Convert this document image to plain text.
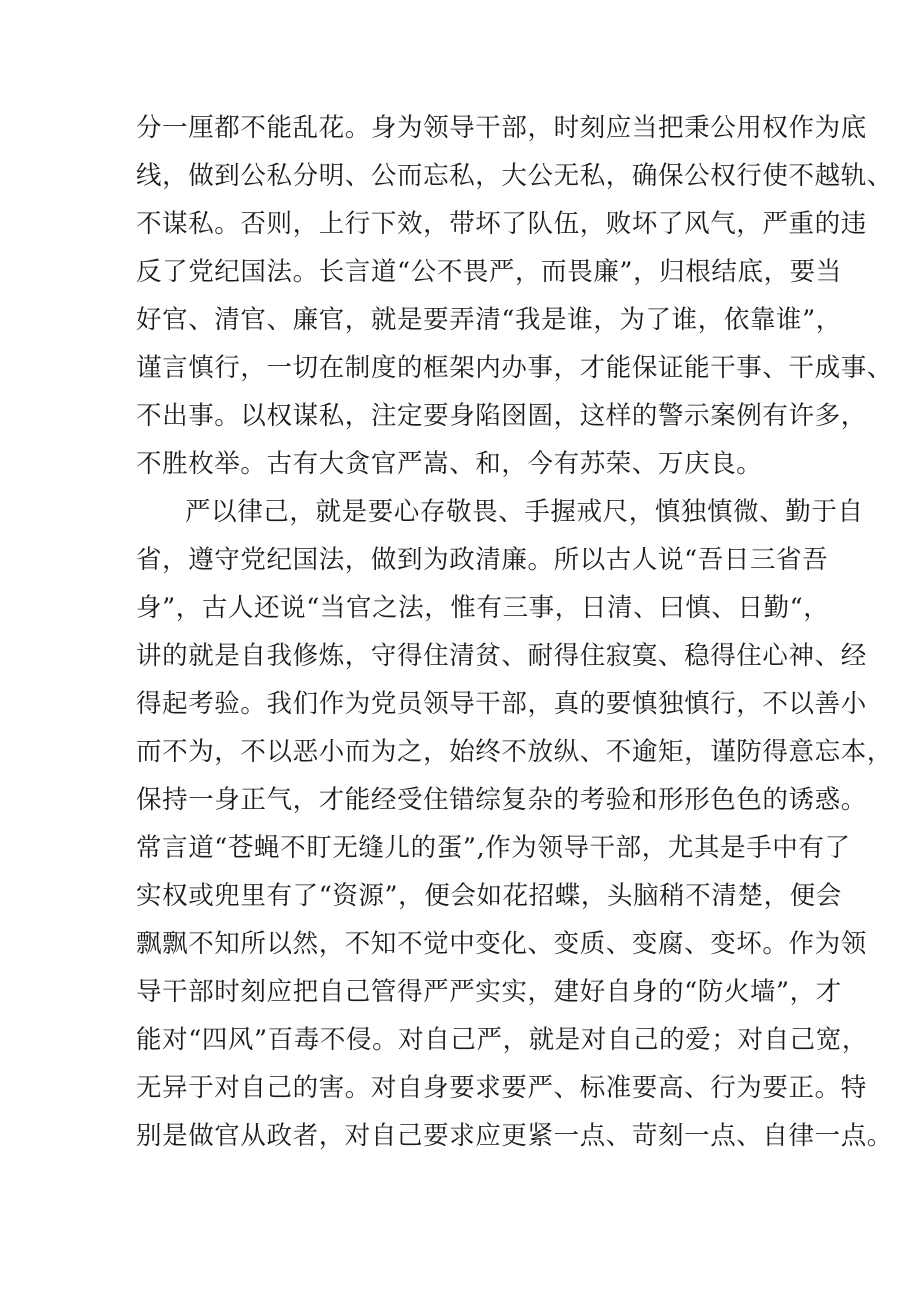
分一厘都不能乱花。身为领导干部，时刻应当把秉公用权作为底
线，做到公私分明、公而忘私，大公无私，确保公权行使不越轨、
不谋私。否则，上行下效，带坏了队伍，败坏了风气，严重的违
反了党纪国法。长言道“公不畏严，而畏廉”，归根结底，要当
好官、清官、廉官，就是要弄清“我是谁，为了谁，依靠谁”，
谨言慎行，一切在制度的框架内办事，才能保证能干事、干成事、
不出事。以权谋私，注定要身陷囹圄，这样的警示案例有许多，
不胜枚举。古有大贪官严嵩、和，今有苏荣、万庆良。
严以律己，就是要心存敬畏、手握戒尺，慎独慎微、勤于自
省，遵守党纪国法，做到为政清廉。所以古人说“吾日三省吾
身”，古人还说“当官之法，惟有三事，日清、曰慎、日勤“，
讲的就是自我修炼，守得住清贫、耐得住寂寞、稳得住心神、经
得起考验。我们作为党员领导干部，真的要慎独慎行，不以善小
而不为，不以恶小而为之，始终不放纵、不逾矩，谨防得意忘本，
保持一身正气，才能经受住错综复杂的考验和形形色色的诱惑。
常言道“苍蝇不盯无缝儿的蛋”,作为领导干部，尤其是手中有了
实权或兜里有了“资源”，便会如花招蝶，头脑稍不清楚，便会
飘飘不知所以然，不知不觉中变化、变质、变腐、变坏。作为领
导干部时刻应把自己管得严严实实，建好自身的“防火墙”，才
能对“四风”百毒不侵。对自己严，就是对自己的爱；对自己宽，
无异于对自己的害。对自身要求要严、标准要高、行为要正。特
别是做官从政者，对自己要求应更紧一点、苛刻一点、自律一点。
